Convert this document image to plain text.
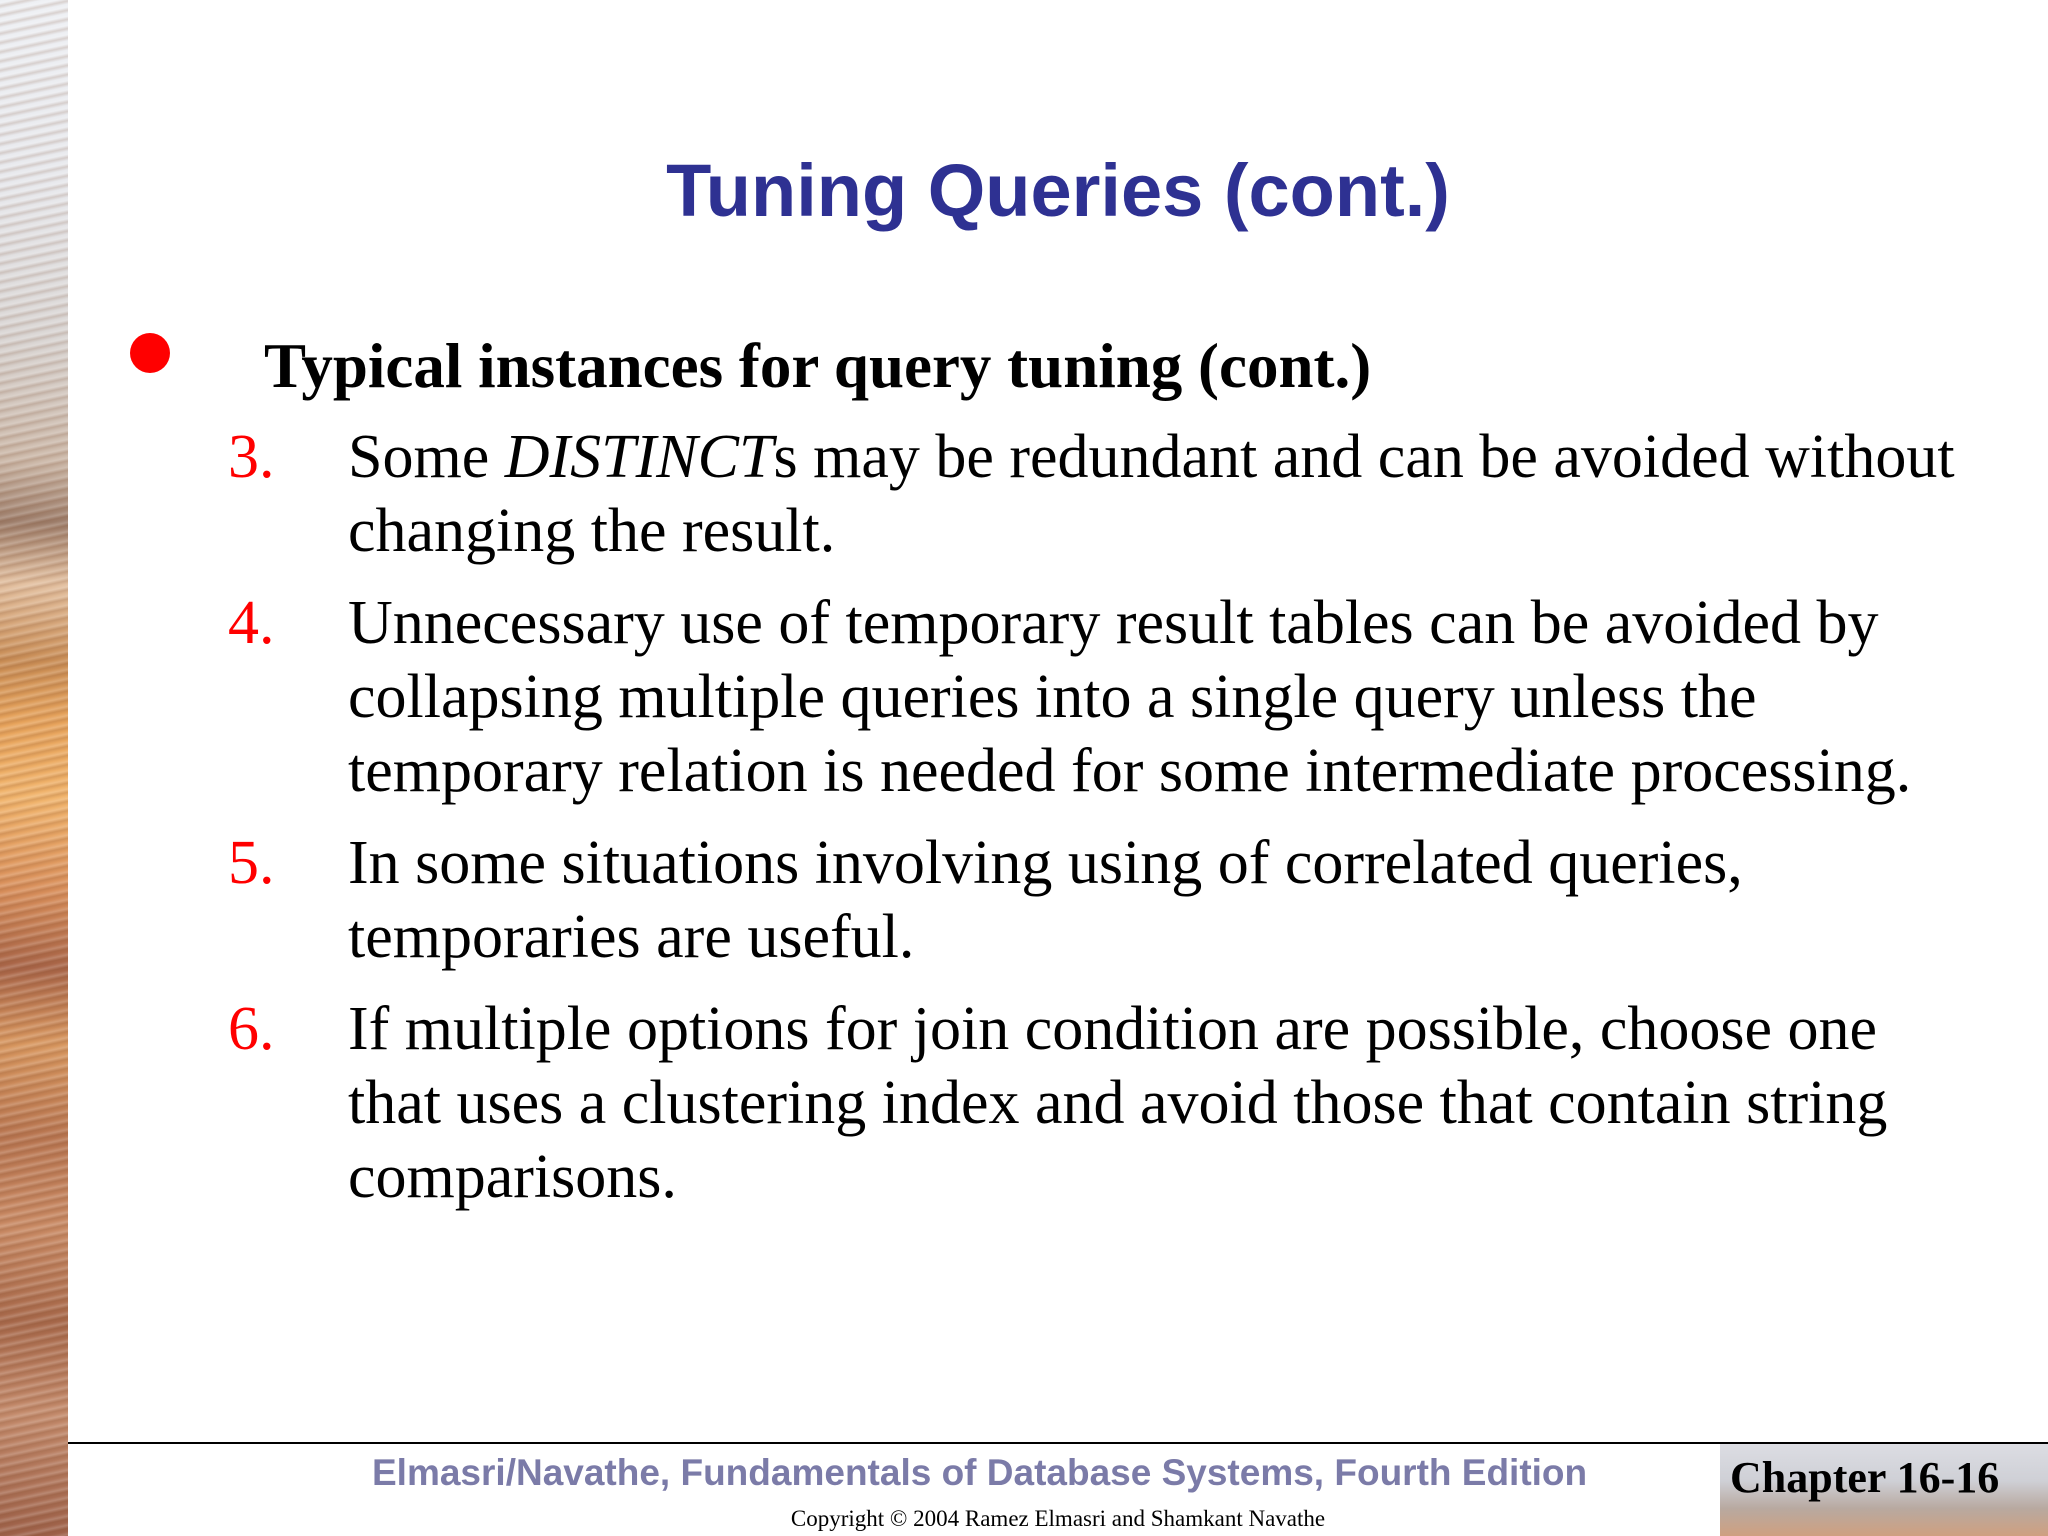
Tuning Queries (cont.)
Typical instances for query tuning (cont.)
3. Some DISTINCTs may be redundant and can be avoided without changing the result.
4. Unnecessary use of temporary result tables can be avoided by collapsing multiple queries into a single query unless the temporary relation is needed for some intermediate processing.
5. In some situations involving using of correlated queries, temporaries are useful.
6. If multiple options for join condition are possible, choose one that uses a clustering index and avoid those that contain string comparisons.
Elmasri/Navathe, Fundamentals of Database Systems, Fourth Edition	Chapter 16-16
Copyright © 2004 Ramez Elmasri and Shamkant Navathe
